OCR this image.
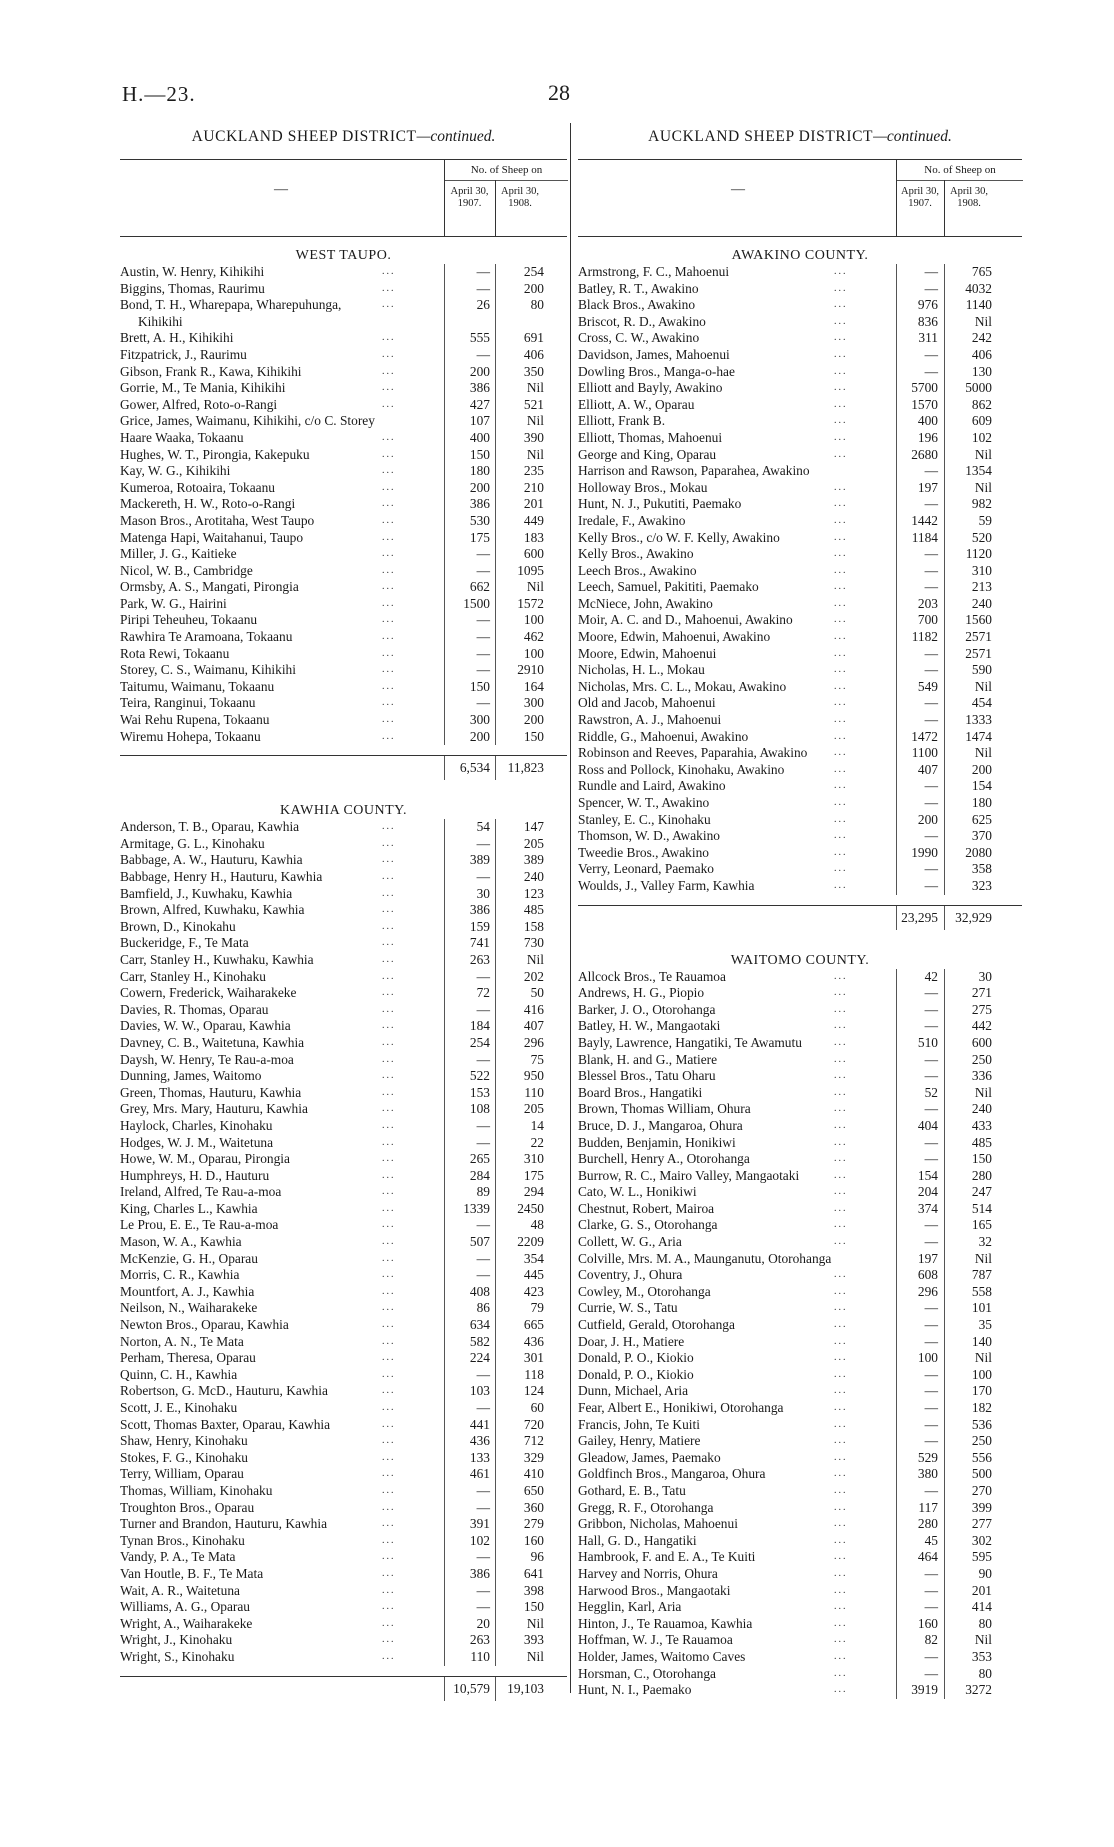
H.—23.	28
AUCKLAND SHEEP DISTRICT—continued.
—
No. of Sheep on
April 30, 1907.
April 30, 1908.
WEST TAUPO.
Austin, W. Henry, Kihikihi	...	—	254
Biggins, Thomas, Raurimu	...	—	200
Bond, T. H., Wharepapa, Wharepuhunga,	...	26	80
Kihikihi
Brett, A. H., Kihikihi	...	555	691
Fitzpatrick, J., Raurimu	...	—	406
Gibson, Frank R., Kawa, Kihikihi	...	200	350
Gorrie, M., Te Mania, Kihikihi	...	386	Nil
Gower, Alfred, Roto-o-Rangi	...	427	521
Grice, James, Waimanu, Kihikihi, c/o C. Storey	107	Nil
Haare Waaka, Tokaanu	...	400	390
Hughes, W. T., Pirongia, Kakepuku	...	150	Nil
Kay, W. G., Kihikihi	...	180	235
Kumeroa, Rotoaira, Tokaanu	...	200	210
Mackereth, H. W., Roto-o-Rangi	...	386	201
Mason Bros., Arotitaha, West Taupo	...	530	449
Matenga Hapi, Waitahanui, Taupo	...	175	183
Miller, J. G., Kaitieke	...	—	600
Nicol, W. B., Cambridge	...	—	1095
Ormsby, A. S., Mangati, Pirongia	...	662	Nil
Park, W. G., Hairini	...	1500	1572
Piripi Teheuheu, Tokaanu	...	—	100
Rawhira Te Aramoana, Tokaanu	...	—	462
Rota Rewi, Tokaanu	...	—	100
Storey, C. S., Waimanu, Kihikihi	...	—	2910
Taitumu, Waimanu, Tokaanu	...	150	164
Teira, Ranginui, Tokaanu	...	—	300
Wai Rehu Rupena, Tokaanu	...	300	200
Wiremu Hohepa, Tokaanu	...	200	150
6,534	11,823
KAWHIA COUNTY.
Anderson, T. B., Oparau, Kawhia	...	54	147
Armitage, G. L., Kinohaku	...	—	205
Babbage, A. W., Hauturu, Kawhia	...	389	389
Babbage, Henry H., Hauturu, Kawhia	...	—	240
Bamfield, J., Kuwhaku, Kawhia	...	30	123
Brown, Alfred, Kuwhaku, Kawhia	...	386	485
Brown, D., Kinokahu	...	159	158
Buckeridge, F., Te Mata	...	741	730
Carr, Stanley H., Kuwhaku, Kawhia	...	263	Nil
Carr, Stanley H., Kinohaku	...	—	202
Cowern, Frederick, Waiharakeke	...	72	50
Davies, R. Thomas, Oparau	...	—	416
Davies, W. W., Oparau, Kawhia	...	184	407
Davney, C. B., Waitetuna, Kawhia	...	254	296
Daysh, W. Henry, Te Rau-a-moa	...	—	75
Dunning, James, Waitomo	...	522	950
Green, Thomas, Hauturu, Kawhia	...	153	110
Grey, Mrs. Mary, Hauturu, Kawhia	...	108	205
Haylock, Charles, Kinohaku	...	—	14
Hodges, W. J. M., Waitetuna	...	—	22
Howe, W. M., Oparau, Pirongia	...	265	310
Humphreys, H. D., Hauturu	...	284	175
Ireland, Alfred, Te Rau-a-moa	...	89	294
King, Charles L., Kawhia	...	1339	2450
Le Prou, E. E., Te Rau-a-moa	...	—	48
Mason, W. A., Kawhia	...	507	2209
McKenzie, G. H., Oparau	...	—	354
Morris, C. R., Kawhia	...	—	445
Mountfort, A. J., Kawhia	...	408	423
Neilson, N., Waiharakeke	...	86	79
Newton Bros., Oparau, Kawhia	...	634	665
Norton, A. N., Te Mata	...	582	436
Perham, Theresa, Oparau	...	224	301
Quinn, C. H., Kawhia	...	—	118
Robertson, G. McD., Hauturu, Kawhia	...	103	124
Scott, J. E., Kinohaku	...	—	60
Scott, Thomas Baxter, Oparau, Kawhia	...	441	720
Shaw, Henry, Kinohaku	...	436	712
Stokes, F. G., Kinohaku	...	133	329
Terry, William, Oparau	...	461	410
Thomas, William, Kinohaku	...	—	650
Troughton Bros., Oparau	...	—	360
Turner and Brandon, Hauturu, Kawhia	...	391	279
Tynan Bros., Kinohaku	...	102	160
Vandy, P. A., Te Mata	...	—	96
Van Houtle, B. F., Te Mata	...	386	641
Wait, A. R., Waitetuna	...	—	398
Williams, A. G., Oparau	...	—	150
Wright, A., Waiharakeke	...	20	Nil
Wright, J., Kinohaku	...	263	393
Wright, S., Kinohaku	...	110	Nil
10,579	19,103
AUCKLAND SHEEP DISTRICT—continued.
—
No. of Sheep on
April 30, 1907.
April 30, 1908.
AWAKINO COUNTY.
Armstrong, F. C., Mahoenui	...	—	765
Batley, R. T., Awakino	...	—	4032
Black Bros., Awakino	...	976	1140
Briscot, R. D., Awakino	...	836	Nil
Cross, C. W., Awakino	...	311	242
Davidson, James, Mahoenui	...	—	406
Dowling Bros., Manga-o-hae	...	—	130
Elliott and Bayly, Awakino	...	5700	5000
Elliott, A. W., Oparau	...	1570	862
Elliott, Frank B.	...	400	609
Elliott, Thomas, Mahoenui	...	196	102
George and King, Oparau	...	2680	Nil
Harrison and Rawson, Paparahea, Awakino	—	1354
Holloway Bros., Mokau	...	197	Nil
Hunt, N. J., Pukutiti, Paemako	...	—	982
Iredale, F., Awakino	...	1442	59
Kelly Bros., c/o W. F. Kelly, Awakino	...	1184	520
Kelly Bros., Awakino	...	—	1120
Leech Bros., Awakino	...	—	310
Leech, Samuel, Pakititi, Paemako	...	—	213
McNiece, John, Awakino	...	203	240
Moir, A. C. and D., Mahoenui, Awakino	...	700	1560
Moore, Edwin, Mahoenui, Awakino	...	1182	2571
Moore, Edwin, Mahoenui	...	—	2571
Nicholas, H. L., Mokau	...	—	590
Nicholas, Mrs. C. L., Mokau, Awakino	...	549	Nil
Old and Jacob, Mahoenui	...	—	454
Rawstron, A. J., Mahoenui	...	—	1333
Riddle, G., Mahoenui, Awakino	...	1472	1474
Robinson and Reeves, Paparahia, Awakino	...	1100	Nil
Ross and Pollock, Kinohaku, Awakino	...	407	200
Rundle and Laird, Awakino	...	—	154
Spencer, W. T., Awakino	...	—	180
Stanley, E. C., Kinohaku	...	200	625
Thomson, W. D., Awakino	...	—	370
Tweedie Bros., Awakino	...	1990	2080
Verry, Leonard, Paemako	...	—	358
Woulds, J., Valley Farm, Kawhia	...	—	323
23,295	32,929
WAITOMO COUNTY.
Allcock Bros., Te Rauamoa	...	42	30
Andrews, H. G., Piopio	...	—	271
Barker, J. O., Otorohanga	...	—	275
Batley, H. W., Mangaotaki	...	—	442
Bayly, Lawrence, Hangatiki, Te Awamutu	...	510	600
Blank, H. and G., Matiere	...	—	250
Blessel Bros., Tatu Oharu	...	—	336
Board Bros., Hangatiki	...	52	Nil
Brown, Thomas William, Ohura	...	—	240
Bruce, D. J., Mangaroa, Ohura	...	404	433
Budden, Benjamin, Honikiwi	...	—	485
Burchell, Henry A., Otorohanga	...	—	150
Burrow, R. C., Mairo Valley, Mangaotaki	...	154	280
Cato, W. L., Honikiwi	...	204	247
Chestnut, Robert, Mairoa	...	374	514
Clarke, G. S., Otorohanga	...	—	165
Collett, W. G., Aria	...	—	32
Colville, Mrs. M. A., Maunganutu, Otorohanga	197	Nil
Coventry, J., Ohura	...	608	787
Cowley, M., Otorohanga	...	296	558
Currie, W. S., Tatu	...	—	101
Cutfield, Gerald, Otorohanga	...	—	35
Doar, J. H., Matiere	...	—	140
Donald, P. O., Kiokio	...	100	Nil
Donald, P. O., Kiokio	...	—	100
Dunn, Michael, Aria	...	—	170
Fear, Albert E., Honikiwi, Otorohanga	...	—	182
Francis, John, Te Kuiti	...	—	536
Gailey, Henry, Matiere	...	—	250
Gleadow, James, Paemako	...	529	556
Goldfinch Bros., Mangaroa, Ohura	...	380	500
Gothard, E. B., Tatu	...	—	270
Gregg, R. F., Otorohanga	...	117	399
Gribbon, Nicholas, Mahoenui	...	280	277
Hall, G. D., Hangatiki	...	45	302
Hambrook, F. and E. A., Te Kuiti	...	464	595
Harvey and Norris, Ohura	...	—	90
Harwood Bros., Mangaotaki	...	—	201
Hegglin, Karl, Aria	...	—	414
Hinton, J., Te Rauamoa, Kawhia	...	160	80
Hoffman, W. J., Te Rauamoa	...	82	Nil
Holder, James, Waitomo Caves	...	—	353
Horsman, C., Otorohanga	...	—	80
Hunt, N. I., Paemako	...	3919	3272
